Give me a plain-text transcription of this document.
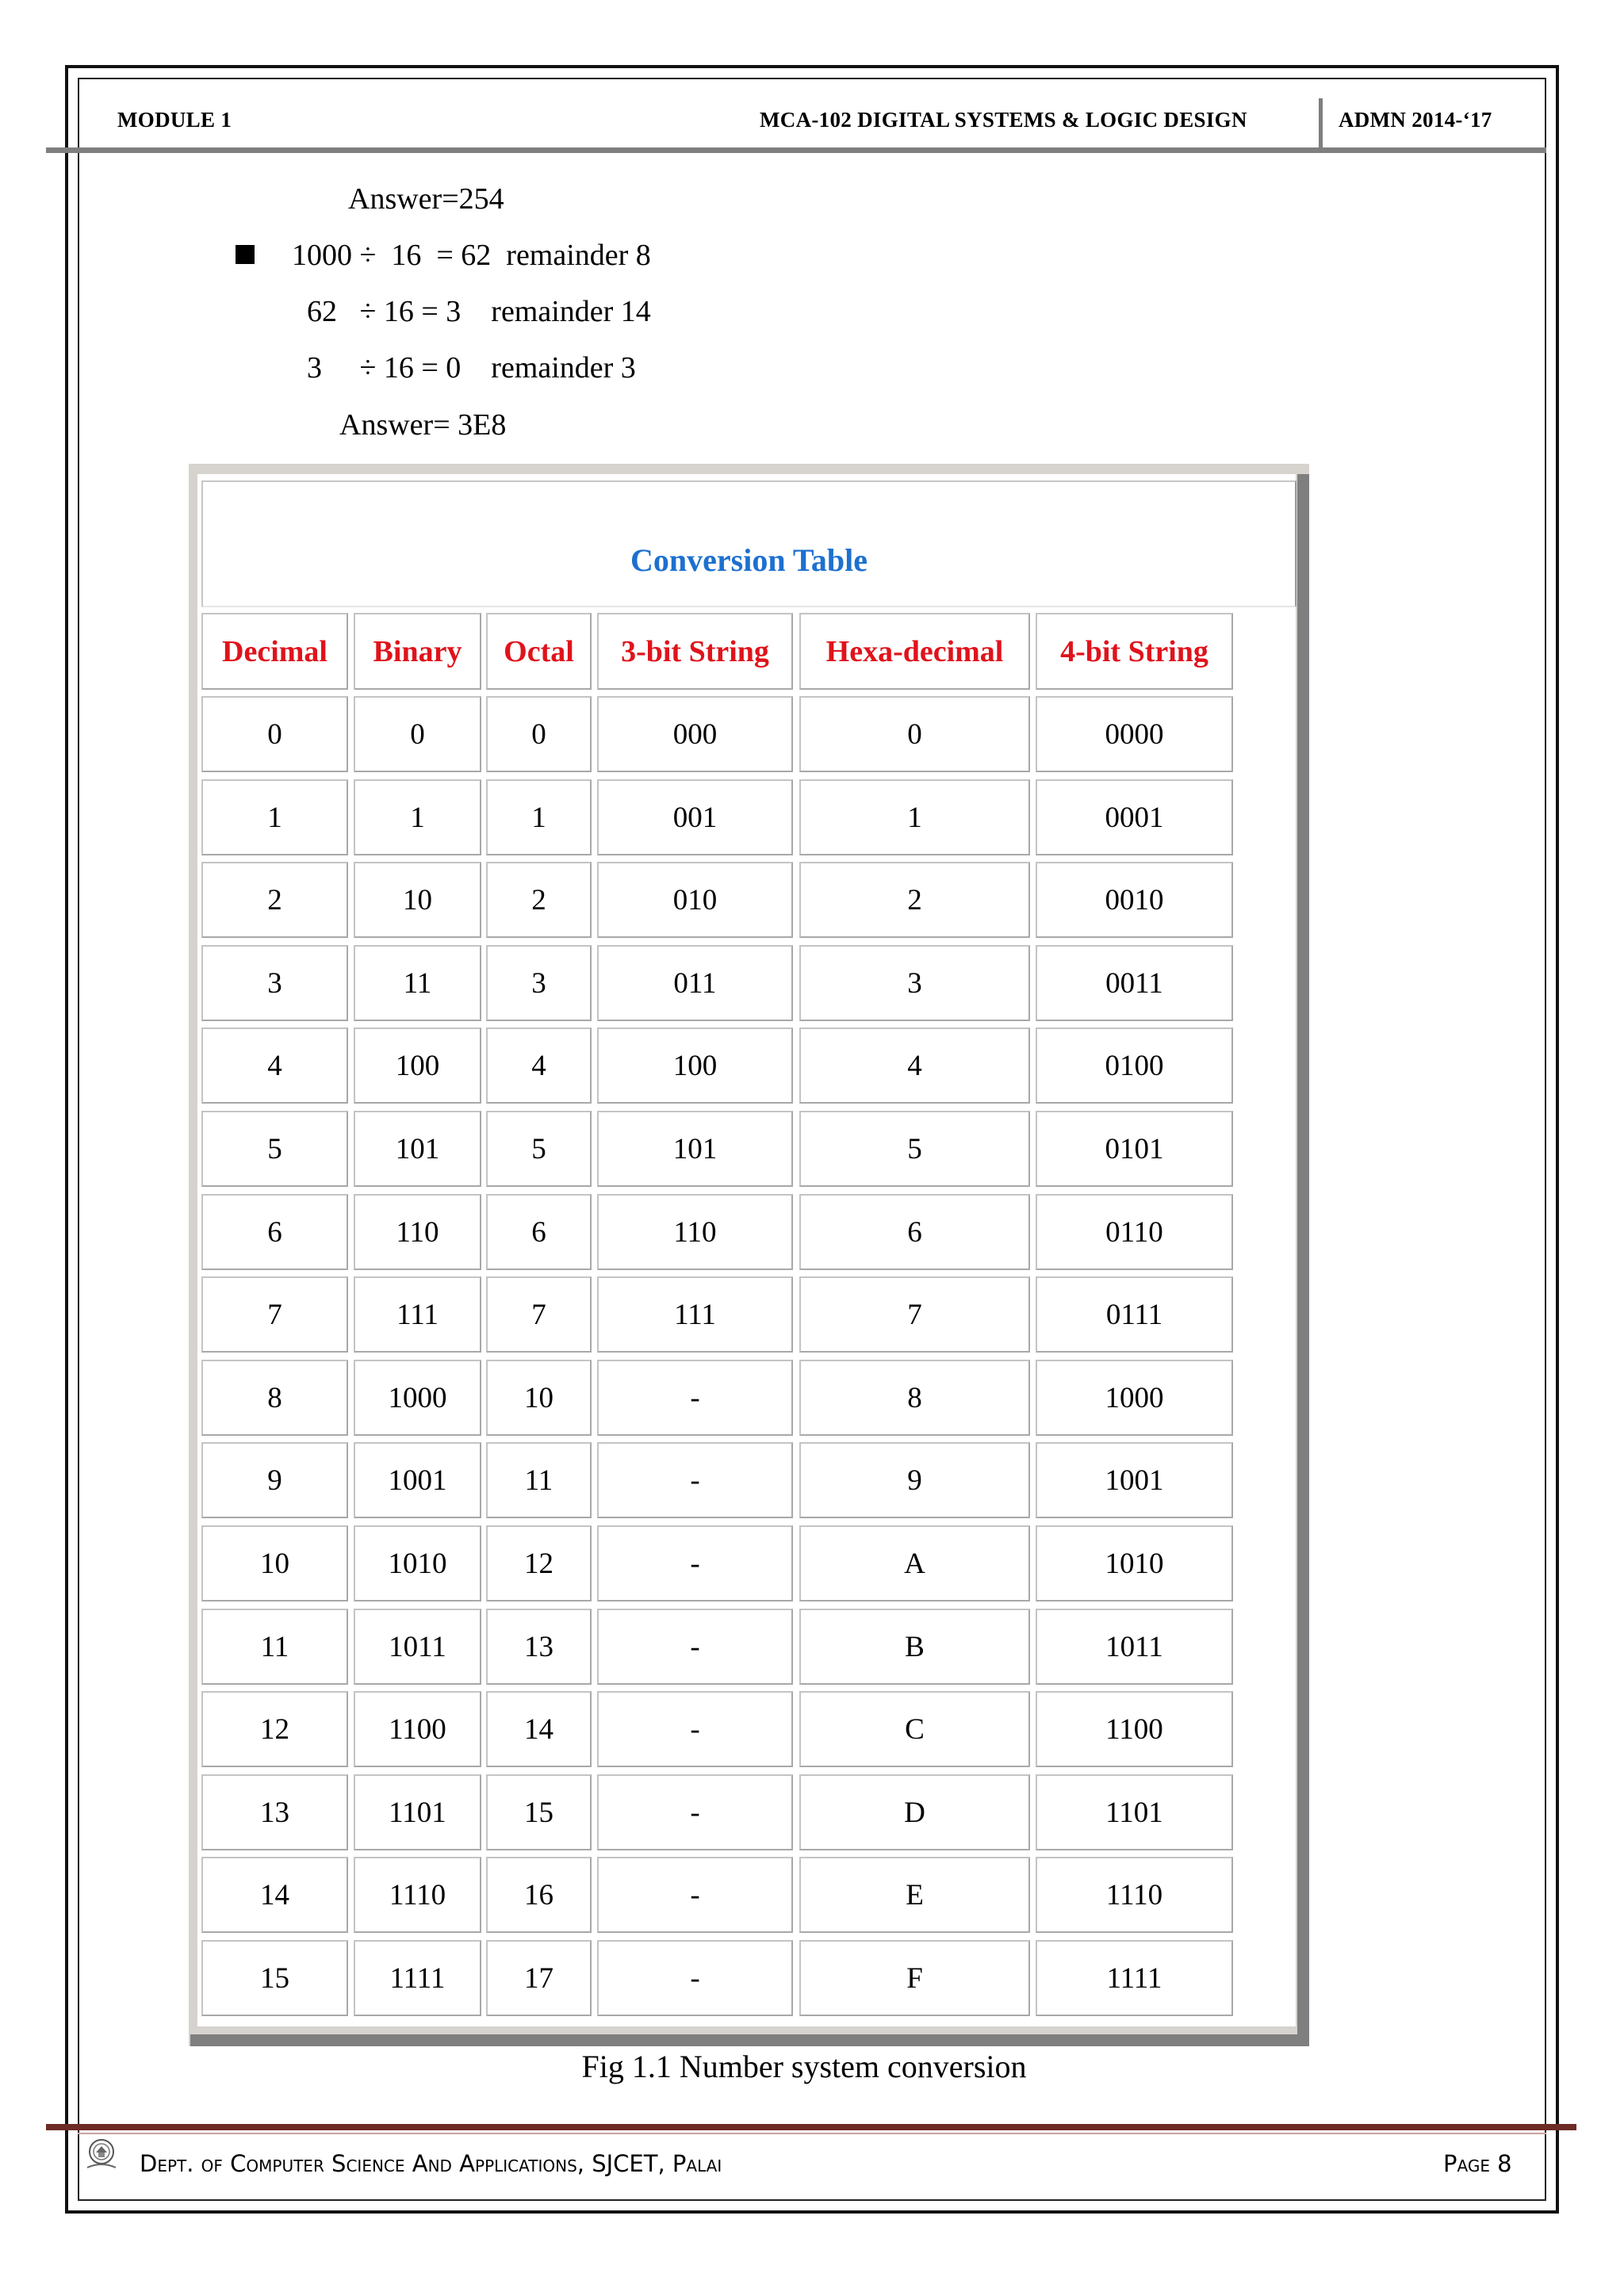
MODULE 1	MCA-102 DIGITAL SYSTEMS & LOGIC DESIGN	ADMN 2014-‘17
Answer=254
1000 ÷  16  = 62  remainder 8
62   ÷ 16 = 3    remainder 14
3     ÷ 16 = 0    remainder 3
Answer= 3E8
Conversion Table
Decimal	Binary	Octal	3-bit String	Hexa-decimal	4-bit String
0	0	0	000	0	0000
1	1	1	001	1	0001
2	10	2	010	2	0010
3	11	3	011	3	0011
4	100	4	100	4	0100
5	101	5	101	5	0101
6	110	6	110	6	0110
7	111	7	111	7	0111
8	1000	10	-	8	1000
9	1001	11	-	9	1001
10	1010	12	-	A	1010
11	1011	13	-	B	1011
12	1100	14	-	C	1100
13	1101	15	-	D	1101
14	1110	16	-	E	1110
15	1111	17	-	F	1111
Fig 1.1 Number system conversion
Dept. of Computer Science And Applications, SJCET, Palai	Page 8
